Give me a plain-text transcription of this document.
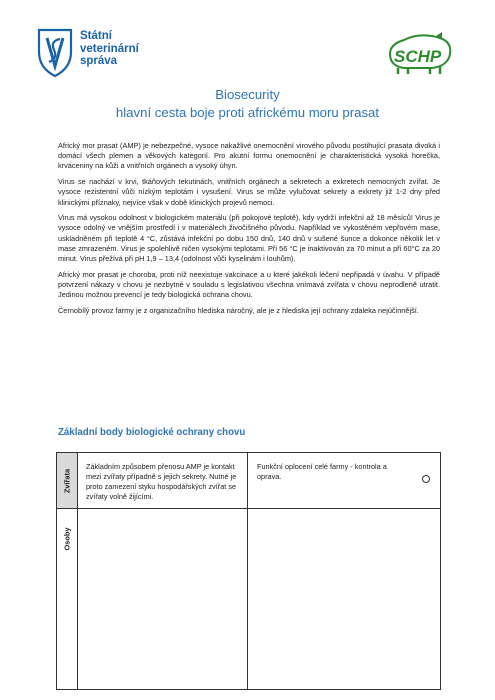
Státní
veterinární
správa	SCHP
Biosecurity
hlavní cesta boje proti africkému moru prasat

Africký mor prasat (AMP) je nebezpečné, vysoce nakažlivé onemocnění virového původu postihující prasata divoká i domácí všech plemen a věkových kategorií. Pro akutní formu onemocnění je charakteristická vysoká horečka, krváceniny na kůži a vnitřních orgánech a vysoký úhyn.

Virus se nachází v krvi, tkáňových tekutinách, vnitřních orgánech a sekretech a exkretech nemocných zvířat. Je vysoce rezistentní vůči nízkým teplotám i vysušení. Virus se může vylučovat sekrety a exkrety již 1-2 dny před klinickými příznaky, nejvíce však v době klinických projevů nemoci.

Virus má vysokou odolnost v biologickém materiálu (při pokojové teplotě), kdy vydrží infekční až 18 měsíců! Virus je vysoce odolný ve vnějším prostředí i v materiálech živočišného původu. Například ve vykostěném vepřovém mase, uskladněném při teplotě 4 °C, zůstává infekční po dobu 150 dnů, 140 dnů v sušené šunce a dokonce několik let v mase zmrazeném. Virus je spolehlivě ničen vysokými teplotami. Při 56 °C je inaktivován za 70 minut a při 60°C za 20 minut. Virus přežívá při pH 1,9 – 13,4 (odolnost vůči kyselinám i louhům).

Africký mor prasat je choroba, proti níž neexistuje vakcinace a u které jakékoli léčení nepřipadá v úvahu. V případě potvrzení nákazy v chovu je nezbytné v souladu s legislativou všechna vnímavá zvířata v chovu neprodleně utratit. Jedinou možnou prevencí je tedy biologická ochrana chovu.

Černobílý provoz farmy je z organizačního hlediska náročný, ale je z hlediska její ochrany zdaleka nejúčinnější.

Základní body biologické ochrany chovu
Zvířata
Osoby
Základním způsobem přenosu AMP je kontakt mezi zvířaty případně s jejich sekrety. Nutné je proto zamezení styku hospodářských zvířat se zvířaty volně žijícími.
Funkční oplocení celé farmy - kontrola a oprava.
